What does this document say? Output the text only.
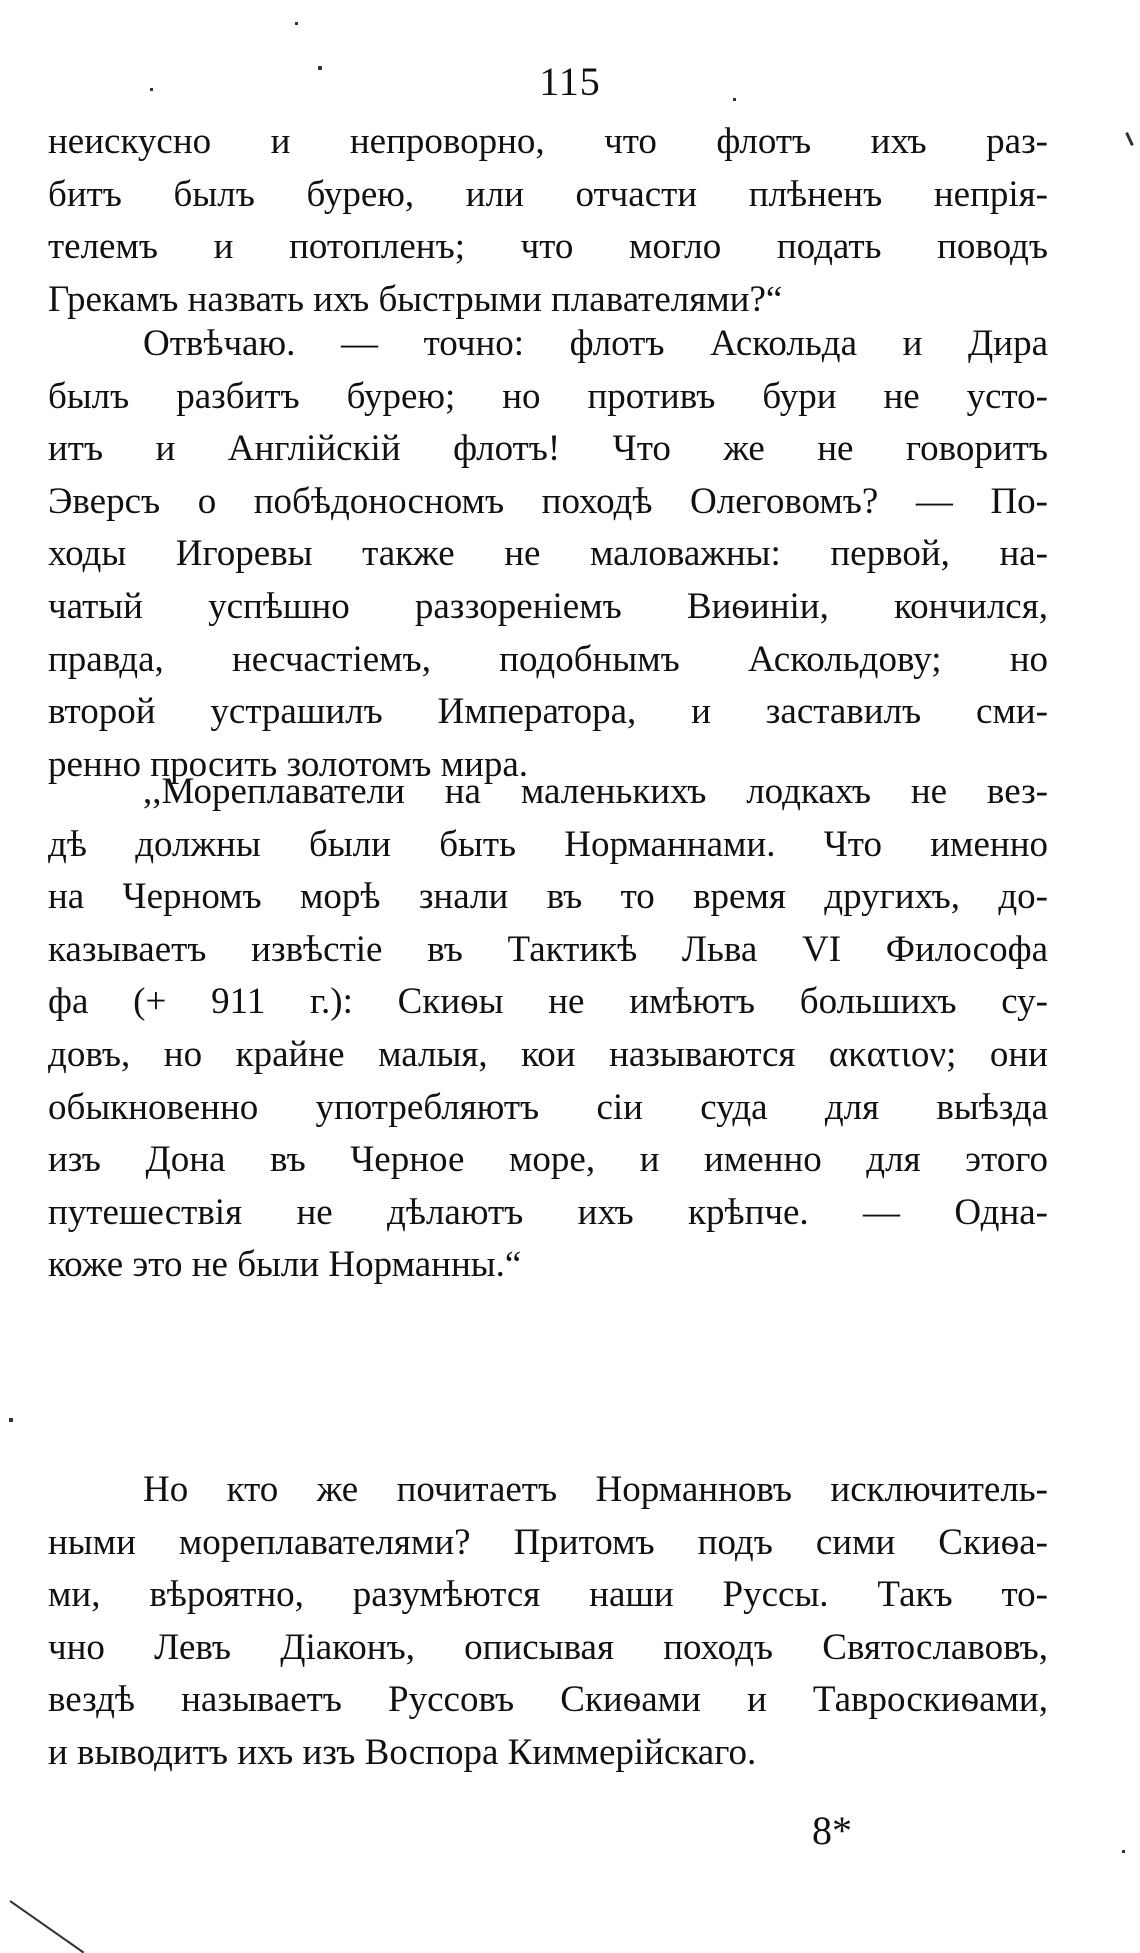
115
неискусно и непроворно, что флотъ ихъ раз-
битъ былъ бурею, или отчасти плѣненъ непрія-
телемъ и потопленъ; что могло подать поводъ
Грекамъ назвать ихъ быстрыми плавателями?“
Отвѣчаю. — точно: флотъ Аскольда и Дира
былъ разбитъ бурею; но противъ бури не усто-
итъ и Англійскій флотъ! Что же не говоритъ
Эверсъ о побѣдоносномъ походѣ Олеговомъ? — По-
ходы Игоревы также не маловажны: первой, на-
чатый успѣшно раззореніемъ Виѳиніи, кончился,
правда, несчастіемъ, подобнымъ Аскольдову; но
второй устрашилъ Императора, и заставилъ сми-
ренно просить золотомъ мира.
,,Мореплаватели на маленькихъ лодкахъ не вез-
дѣ должны были быть Норманнами. Что именно
на Черномъ морѣ знали въ то время другихъ, до-
казываетъ извѣстіе въ Тактикѣ Льва VI Философа
фа (+ 911 г.): Скиѳы не имѣютъ большихъ су-
довъ, но крайне малыя, кои называются ακατιον; они
обыкновенно употребляютъ сіи суда для выѣзда
изъ Дона въ Черное море, и именно для этого
путешествія не дѣлаютъ ихъ крѣпче. — Одна-
коже это не были Норманны.“
Но кто же почитаетъ Норманновъ исключитель-
ными мореплавателями? Притомъ подъ сими Скиѳа-
ми, вѣроятно, разумѣются наши Руссы. Такъ то-
чно Левъ Діаконъ, описывая походъ Святославовъ,
вездѣ называетъ Руссовъ Скиѳами и Тавроскиѳами,
и выводитъ ихъ изъ Воспора Киммерійскаго.
8*
